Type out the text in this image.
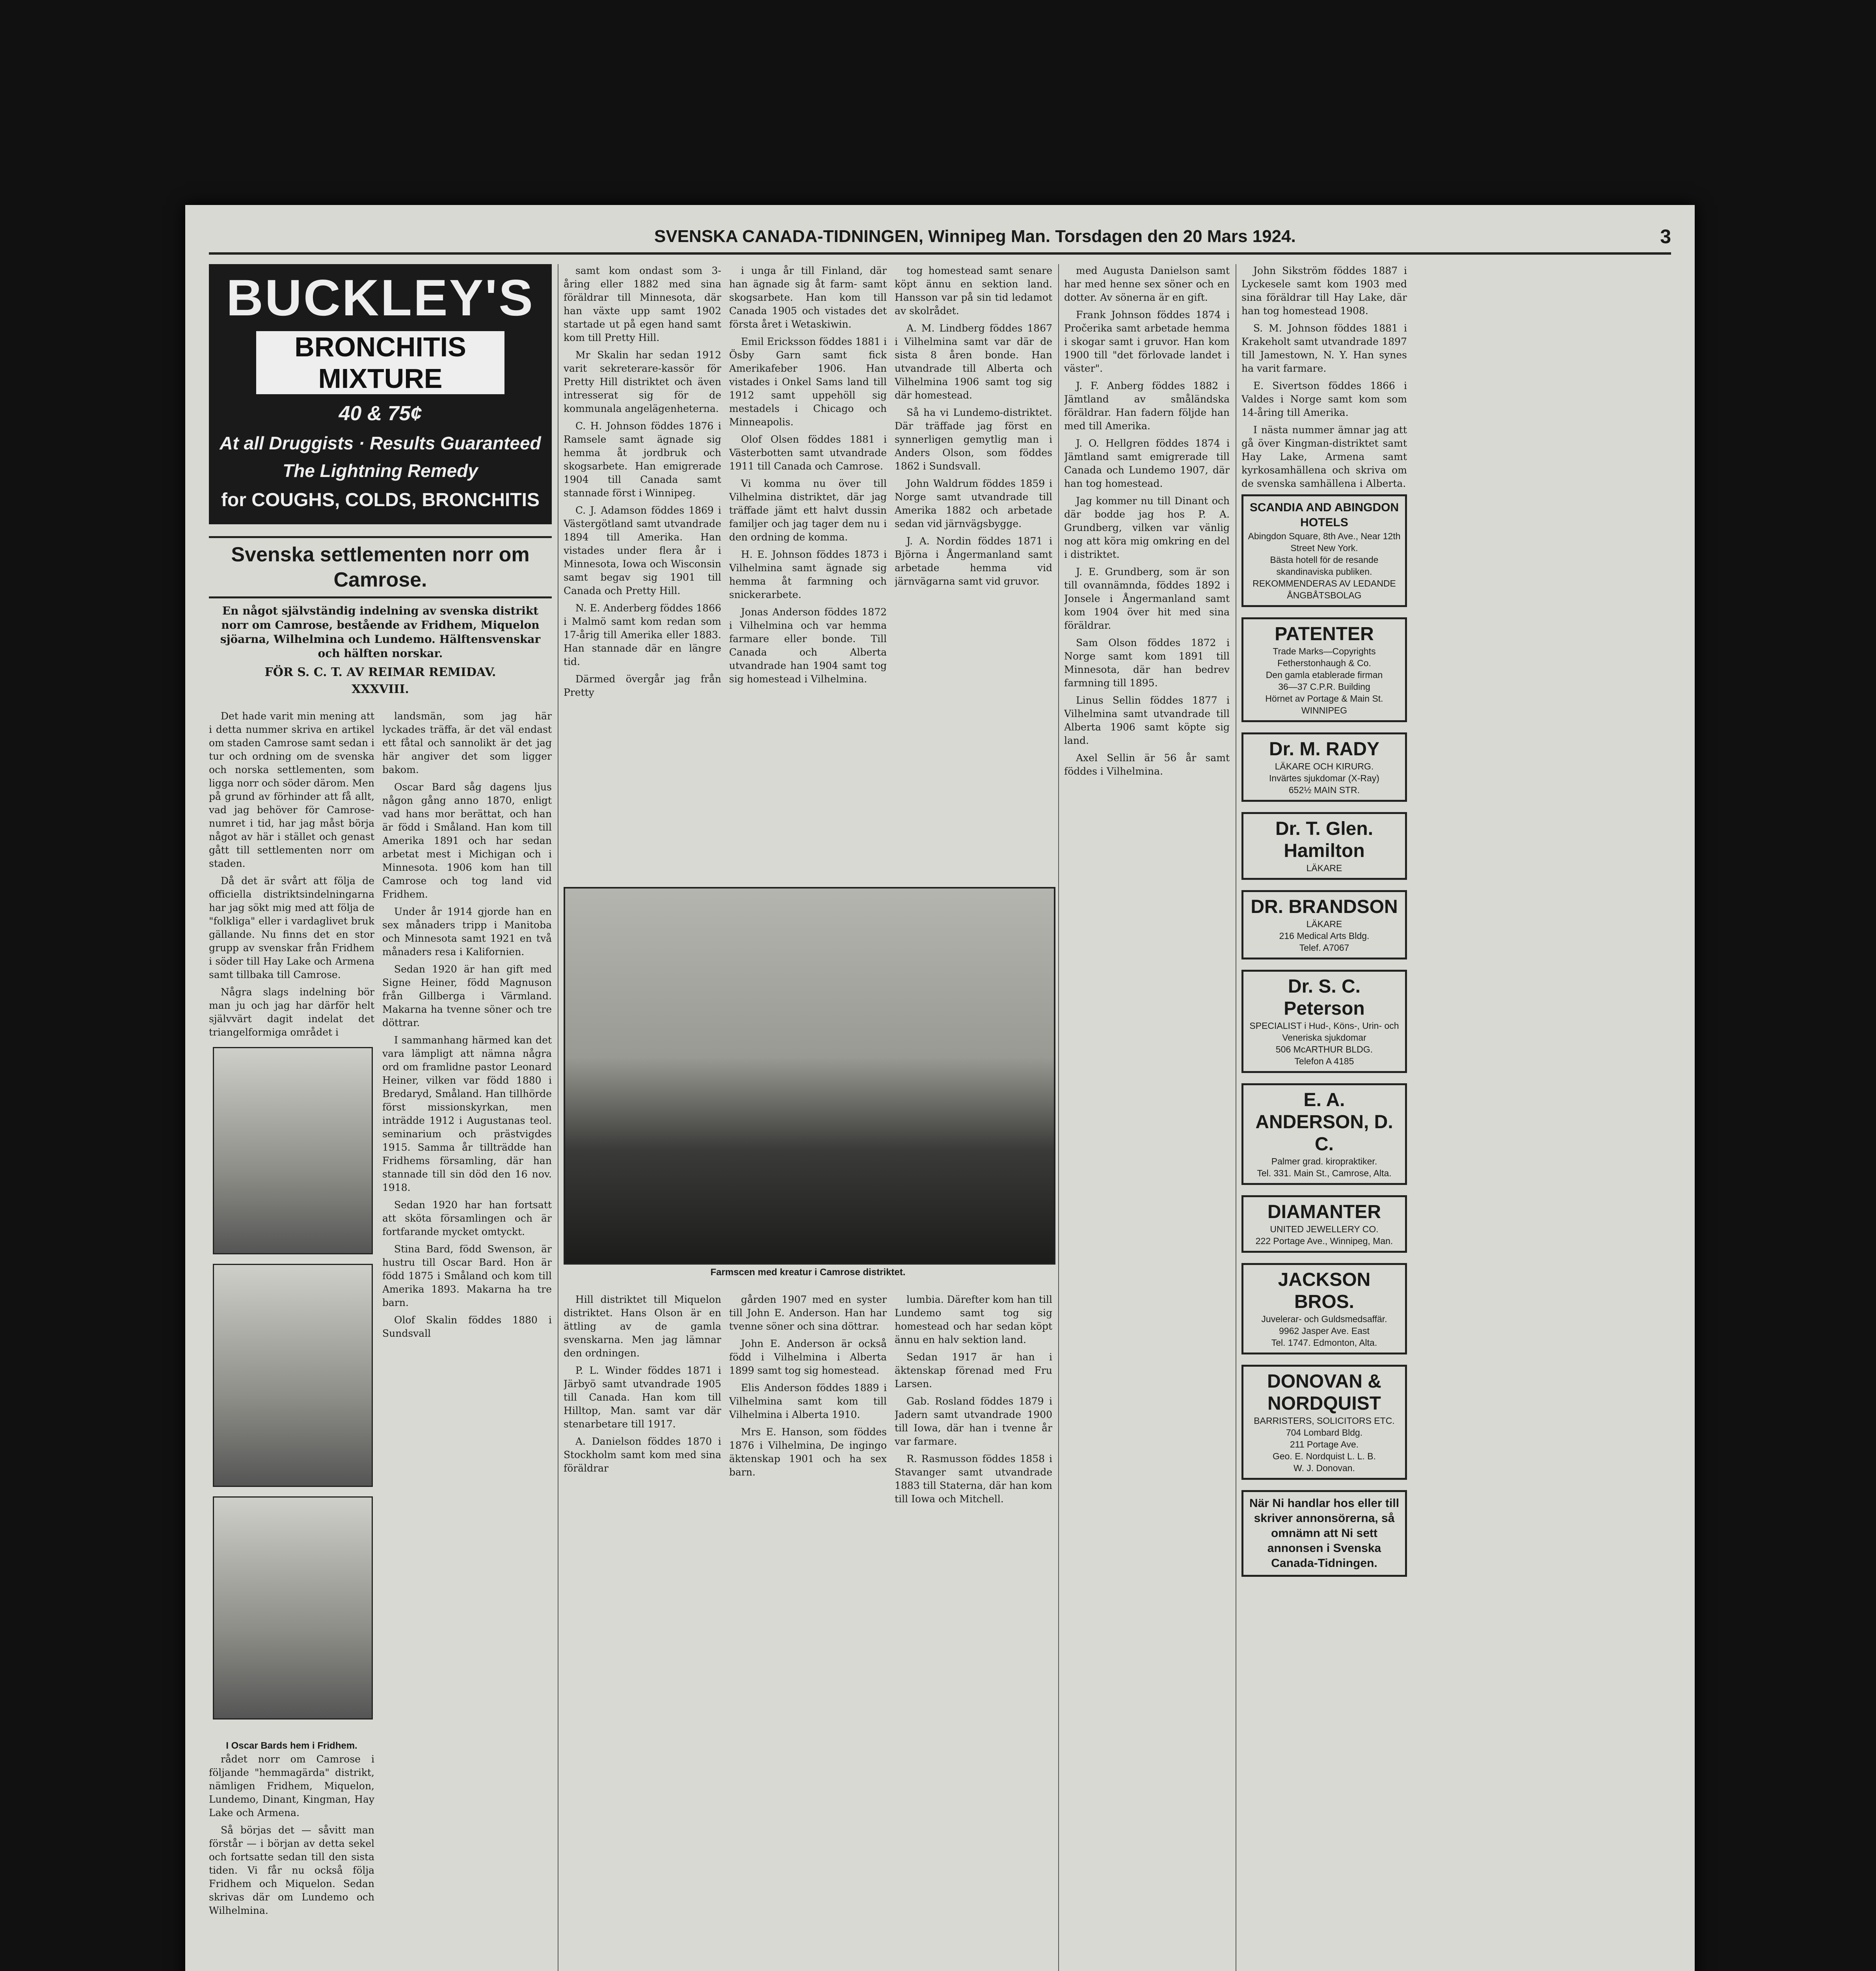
SVENSKA CANADA-TIDNINGEN, Winnipeg Man. Torsdagen den 20 Mars 1924.	3
BUCKLEY'S
BRONCHITIS MIXTURE
40 & 75¢
At all Druggists · Results Guaranteed
The Lightning Remedy
for COUGHS, COLDS, BRONCHITIS
Svenska settlementen norr om Camrose.
En något självständig indelning av svenska distrikt norr om Camrose, bestående av Fridhem, Miquelon sjöarna, Wilhelmina och Lundemo. Hälftensvenskar och hälften norskar.
FÖR S. C. T. AV REIMAR REMIDAV.
XXXVIII.

Det hade varit min mening att i detta nummer skriva en artikel om staden Camrose samt sedan i tur och ordning om de svenska och norska settlementen, som ligga norr och söder därom. Men på grund av förhinder att få allt, vad jag behöver för Camrose-numret i tid, har jag måst börja något av här i stället och genast gått till settlementen norr om staden.

Då det är svårt att följa de officiella distriktsindelningarna har jag sökt mig med att följa de "folkliga" eller i vardaglivet bruk gällande. Nu finns det en stor grupp av svenskar från Fridhem i söder till Hay Lake och Armena samt tillbaka till Camrose.

Några slags indelning bör man ju och jag har därför helt självvärt dagit indelat det triangelformiga området i

I Oscar Bards hem i Fridhem.

rådet norr om Camrose i följande "hemmagärda" distrikt, nämligen Fridhem, Miquelon, Lundemo, Dinant, Kingman, Hay Lake och Armena.

Så börjas det — såvitt man förstår — i början av detta sekel och fortsatte sedan till den sista tiden. Vi får nu också följa Fridhem och Miquelon. Sedan skrivas där om Lundemo och Wilhelmina.

landsmän, som jag här lyckades träffa, är det väl endast ett fåtal och sannolikt är det jag här angiver det som ligger bakom.

Oscar Bard såg dagens ljus någon gång anno 1870, enligt vad hans mor berättat, och han är född i Småland. Han kom till Amerika 1891 och har sedan arbetat mest i Michigan och i Minnesota. 1906 kom han till Camrose och tog land vid Fridhem.

Under år 1914 gjorde han en sex månaders tripp i Manitoba och Minnesota samt 1921 en två månaders resa i Kalifornien.

Sedan 1920 är han gift med Signe Heiner, född Magnuson från Gillberga i Värmland. Makarna ha tvenne söner och tre döttrar.

I sammanhang härmed kan det vara lämpligt att nämna några ord om framlidne pastor Leonard Heiner, vilken var född 1880 i Bredaryd, Småland. Han tillhörde först missionskyrkan, men inträdde 1912 i Augustanas teol. seminarium och prästvigdes 1915. Samma år tillträdde han Fridhems församling, där han stannade till sin död den 16 nov. 1918.

Sedan 1920 har han fortsatt att sköta församlingen och är fortfarande mycket omtyckt.

Stina Bard, född Swenson, är hustru till Oscar Bard. Hon är född 1875 i Småland och kom till Amerika 1893. Makarna ha tre barn.

Olof Skalin föddes 1880 i Sundsvall

samt kom ondast som 3-åring eller 1882 med sina föräldrar till Minnesota, där han växte upp samt 1902 startade ut på egen hand samt kom till Pretty Hill.

Mr Skalin har sedan 1912 varit sekreterare-kassör för Pretty Hill distriktet och även intresserat sig för de kommunala angelägenheterna.

C. H. Johnson föddes 1876 i Ramsele samt ägnade sig hemma åt jordbruk och skogsarbete. Han emigrerade 1904 till Canada samt stannade först i Winnipeg.

C. J. Adamson föddes 1869 i Västergötland samt utvandrade 1894 till Amerika. Han vistades under flera år i Minnesota, Iowa och Wisconsin samt begav sig 1901 till Canada och Pretty Hill.

N. E. Anderberg föddes 1866 i Malmö samt kom redan som 17-årig till Amerika eller 1883. Han stannade där en längre tid.

Därmed övergår jag från Pretty

i unga år till Finland, där han ägnade sig åt farm- samt skogsarbete. Han kom till Canada 1905 och vistades det första året i Wetaskiwin.

Emil Ericksson föddes 1881 i Ösby Garn samt fick Amerikafeber 1906. Han vistades i Onkel Sams land till 1912 samt uppehöll sig mestadels i Chicago och Minneapolis.

Olof Olsen föddes 1881 i Västerbotten samt utvandrade 1911 till Canada och Camrose.

Vi komma nu över till Vilhelmina distriktet, där jag träffade jämt ett halvt dussin familjer och jag tager dem nu i den ordning de komma.

H. E. Johnson föddes 1873 i Vilhelmina samt ägnade sig hemma åt farmning och snickerarbete.

Jonas Anderson föddes 1872 i Vilhelmina och var hemma farmare eller bonde. Till Canada och Alberta utvandrade han 1904 samt tog sig homestead i Vilhelmina.

tog homestead samt senare köpt ännu en sektion land. Hansson var på sin tid ledamot av skolrådet.

A. M. Lindberg föddes 1867 i Vilhelmina samt var där de sista 8 åren bonde. Han utvandrade till Alberta och Vilhelmina 1906 samt tog sig där homestead.

Så ha vi Lundemo-distriktet. Där träffade jag först en synnerligen gemytlig man i Anders Olson, som föddes 1862 i Sundsvall.

John Waldrum föddes 1859 i Norge samt utvandrade till Amerika 1882 och arbetade sedan vid järnvägsbygge.

J. A. Nordin föddes 1871 i Björna i Ångermanland samt arbetade hemma vid järnvägarna samt vid gruvor.

Farmscen med kreatur i Camrose distriktet.

Hill distriktet till Miquelon distriktet. Hans Olson är en ättling av de gamla svenskarna. Men jag lämnar den ordningen.

P. L. Winder föddes 1871 i Järbyö samt utvandrade 1905 till Canada. Han kom till Hilltop, Man. samt var där stenarbetare till 1917.

A. Danielson föddes 1870 i Stockholm samt kom med sina föräldrar

gården 1907 med en syster till John E. Anderson. Han har tvenne söner och sina döttrar.

John E. Anderson är också född i Vilhelmina i Alberta 1899 samt tog sig homestead.

Elis Anderson föddes 1889 i Vilhelmina samt kom till Vilhelmina i Alberta 1910.

Mrs E. Hanson, som föddes 1876 i Vilhelmina, De ingingo äktenskap 1901 och ha sex barn.

lumbia. Därefter kom han till Lundemo samt tog sig homestead och har sedan köpt ännu en halv sektion land.

Sedan 1917 är han i äktenskap förenad med Fru Larsen.

Gab. Rosland föddes 1879 i Jadern samt utvandrade 1900 till Iowa, där han i tvenne år var farmare.

R. Rasmusson föddes 1858 i Stavanger samt utvandrade 1883 till Staterna, där han kom till Iowa och Mitchell.

med Augusta Danielson samt har med henne sex söner och en dotter. Av sönerna är en gift.

Frank Johnson föddes 1874 i Pročerika samt arbetade hemma i skogar samt i gruvor. Han kom 1900 till "det förlovade landet i väster".

J. F. Anberg föddes 1882 i Jämtland av småländska föräldrar. Han fadern följde han med till Amerika.

J. O. Hellgren föddes 1874 i Jämtland samt emigrerade till Canada och Lundemo 1907, där han tog homestead.

Jag kommer nu till Dinant och där bodde jag hos P. A. Grundberg, vilken var vänlig nog att köra mig omkring en del i distriktet.

J. E. Grundberg, som är son till ovannämnda, föddes 1892 i Jonsele i Ångermanland samt kom 1904 över hit med sina föräldrar.

Sam Olson föddes 1872 i Norge samt kom 1891 till Minnesota, där han bedrev farmning till 1895.

Linus Sellin föddes 1877 i Vilhelmina samt utvandrade till Alberta 1906 samt köpte sig land.

Axel Sellin är 56 år samt föddes i Vilhelmina.

John Sikström föddes 1887 i Lyckesele samt kom 1903 med sina föräldrar till Hay Lake, där han tog homestead 1908.

S. M. Johnson föddes 1881 i Krakeholt samt utvandrade 1897 till Jamestown, N. Y. Han synes ha varit farmare.

E. Sivertson föddes 1866 i Valdes i Norge samt kom som 14-åring till Amerika.

I nästa nummer ämnar jag att gå över Kingman-distriktet samt Hay Lake, Armena samt kyrkosamhällena och skriva om de svenska samhällena i Alberta.

SCANDIA AND ABINGDON HOTELS
Abingdon Square, 8th Ave., Near 12th Street New York.
Bästa hotell för de resande skandinaviska publiken.
REKOMMENDERAS AV LEDANDE ÅNGBÅTSBOLAG
PATENTER
Trade Marks—Copyrights
Fetherstonhaugh & Co.
Den gamla etablerade firman
36—37 C.P.R. Building
Hörnet av Portage & Main St.
WINNIPEG
Dr. M. RADY
LÄKARE OCH KIRURG.
Invärtes sjukdomar (X-Ray)
652½ MAIN STR.
Dr. T. Glen. Hamilton
LÄKARE
DR. BRANDSON
LÄKARE
216 Medical Arts Bldg.
Telef. A7067
Dr. S. C. Peterson
SPECIALIST i Hud-, Köns-, Urin- och Veneriska sjukdomar
506 McARTHUR BLDG.
Telefon A 4185
E. A. ANDERSON, D. C.
Palmer grad. kiropraktiker.
Tel. 331. Main St., Camrose, Alta.
DIAMANTER
UNITED JEWELLERY CO.
222 Portage Ave., Winnipeg, Man.
JACKSON BROS.
Juvelerar- och Guldsmedsaffär.
9962 Jasper Ave. East
Tel. 1747. Edmonton, Alta.
DONOVAN & NORDQUIST
BARRISTERS, SOLICITORS ETC.
704 Lombard Bldg.
211 Portage Ave.
Geo. E. Nordquist L. L. B.
W. J. Donovan.
När Ni handlar hos eller till skriver annonsörerna, så omnämn att Ni sett annonsen i Svenska Canada-Tidningen.
